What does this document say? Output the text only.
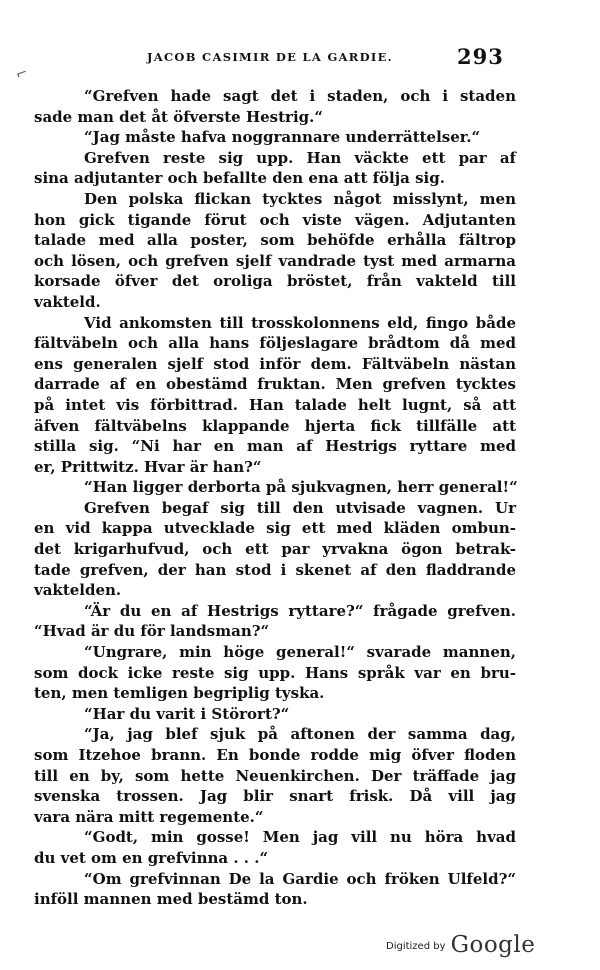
JACOB CASIMIR DE LA GARDIE.	293
⌐
“Grefven hade sagt det i staden, och i staden
sade man det åt öfverste Hestrig.“
“Jag måste hafva noggrannare underrättelser.“
Grefven reste sig upp. Han väckte ett par af
sina adjutanter och befallte den ena att följa sig.
Den polska flickan tycktes något misslynt, men
hon gick tigande förut och viste vägen. Adjutanten
talade med alla poster, som behöfde erhålla fältrop
och lösen, och grefven sjelf vandrade tyst med armarna
korsade öfver det oroliga bröstet, från vakteld till
vakteld.
Vid ankomsten till trosskolonnens eld, fingo både
fältväbeln och alla hans följeslagare brådtom då med
ens generalen sjelf stod inför dem. Fältväbeln nästan
darrade af en obestämd fruktan. Men grefven tycktes
på intet vis förbittrad. Han talade helt lugnt, så att
äfven fältväbelns klappande hjerta fick tillfälle att
stilla sig. “Ni har en man af Hestrigs ryttare med
er, Prittwitz. Hvar är han?“
“Han ligger derborta på sjukvagnen, herr general!“
Grefven begaf sig till den utvisade vagnen. Ur
en vid kappa utvecklade sig ett med kläden ombun-
det krigarhufvud, och ett par yrvakna ögon betrak-
tade grefven, der han stod i skenet af den fladdrande
vaktelden.
“Är du en af Hestrigs ryttare?“ frågade grefven.
“Hvad är du för landsman?“
“Ungrare, min höge general!“ svarade mannen,
som dock icke reste sig upp. Hans språk var en bru-
ten, men temligen begriplig tyska.
“Har du varit i Störort?“
“Ja, jag blef sjuk på aftonen der samma dag,
som Itzehoe brann. En bonde rodde mig öfver floden
till en by, som hette Neuenkirchen. Der träffade jag
svenska trossen. Jag blir snart frisk. Då vill jag
vara nära mitt regemente.“
“Godt, min gosse! Men jag vill nu höra hvad
du vet om en grefvinna . . .“
“Om grefvinnan De la Gardie och fröken Ulfeld?“
inföll mannen med bestämd ton.
Digitized by Google
